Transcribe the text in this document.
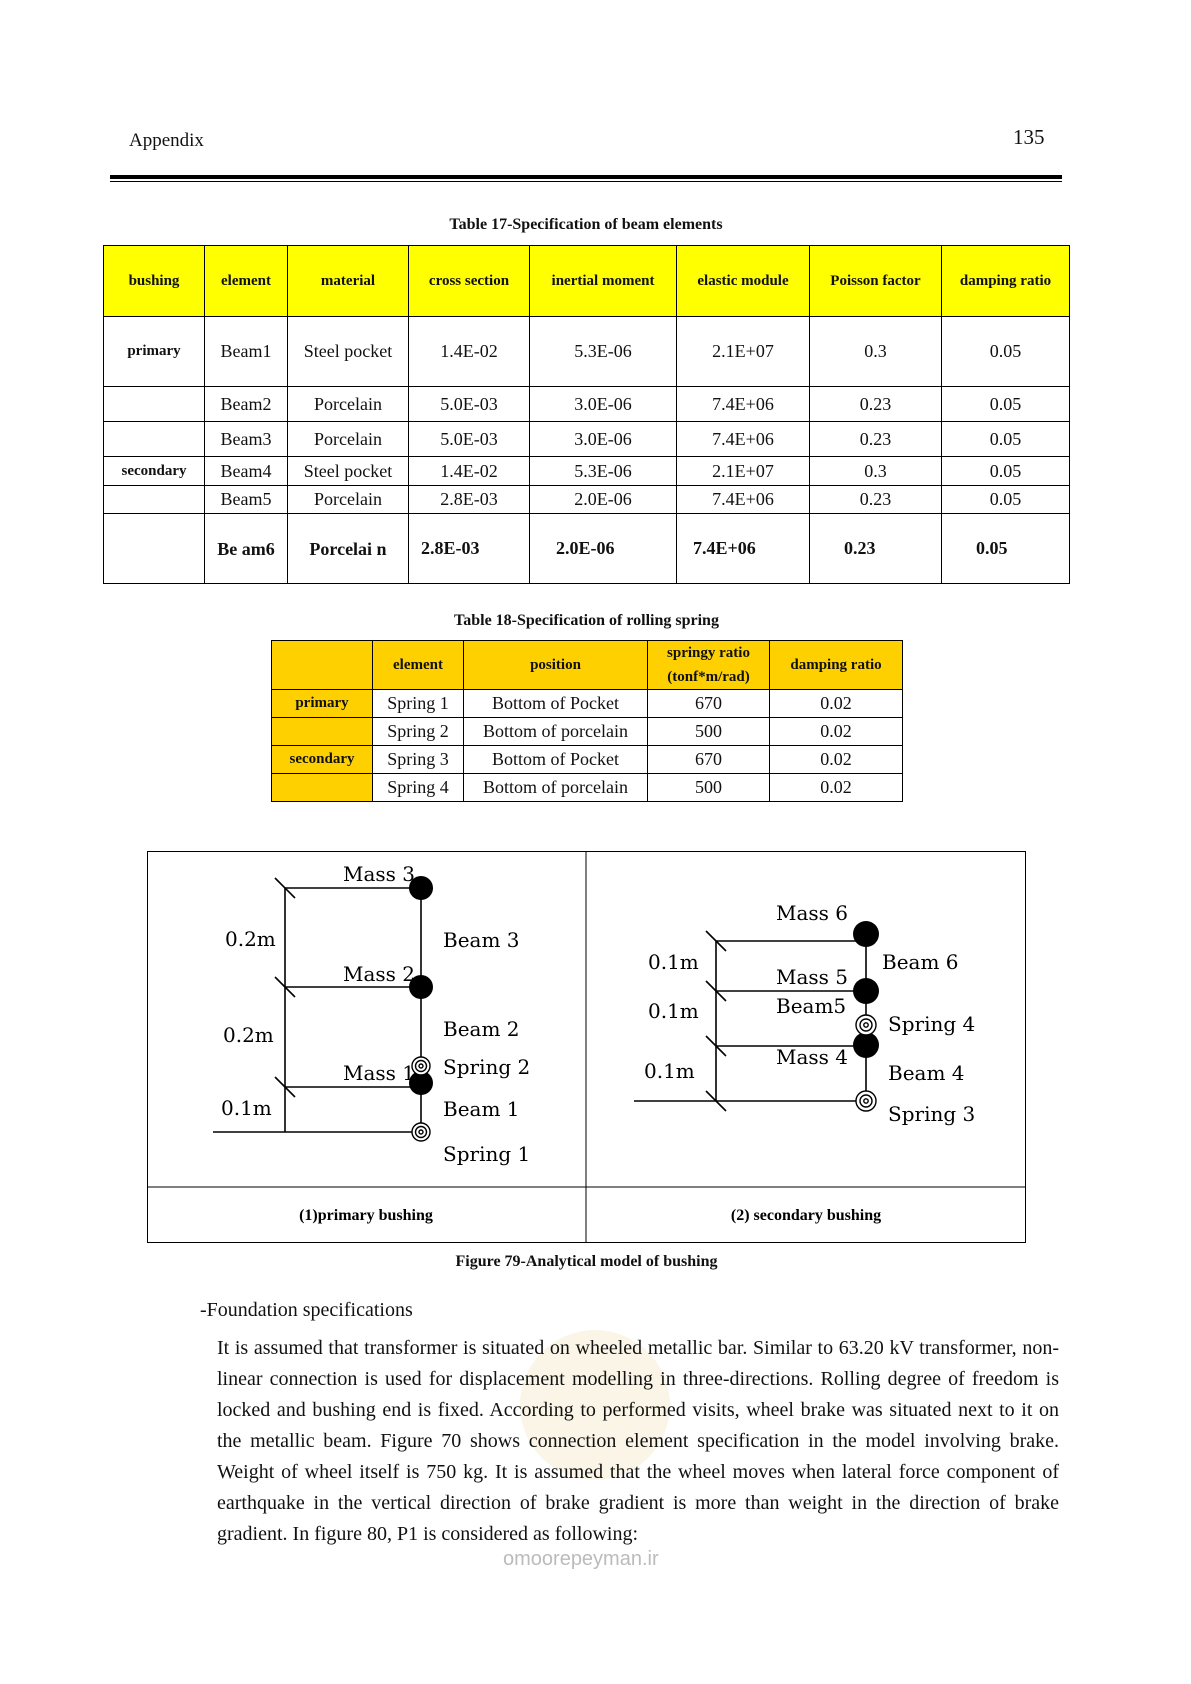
Appendix	135
Table 17-Specification of beam elements
bushing	element	material	cross section	inertial moment	elastic module	Poisson factor	damping ratio
primary	Beam1	Steel pocket	1.4E-02	5.3E-06	2.1E+07	0.3	0.05
	Beam2	Porcelain	5.0E-03	3.0E-06	7.4E+06	0.23	0.05
	Beam3	Porcelain	5.0E-03	3.0E-06	7.4E+06	0.23	0.05
secondary	Beam4	Steel pocket	1.4E-02	5.3E-06	2.1E+07	0.3	0.05
	Beam5	Porcelain	2.8E-03	2.0E-06	7.4E+06	0.23	0.05
	Be am6	Porcelai n	2.8E-03	2.0E-06	7.4E+06	0.23	0.05
Table 18-Specification of rolling spring
	element	position	springy ratio (tonf*m/rad)	damping ratio
primary	Spring 1	Bottom of Pocket	670	0.02
	Spring 2	Bottom of porcelain	500	0.02
secondary	Spring 3	Bottom of Pocket	670	0.02
	Spring 4	Bottom of porcelain	500	0.02
Mass 3
Mass 2
Mass 1
Beam 3
Beam 2
Spring 2
Beam 1
Spring 1
0.2m
0.2m
0.1m
Mass 6
Mass 5
Beam5
Mass 4
Beam 6
Spring 4
Beam 4
Spring 3
0.1m
0.1m
0.1m
(1)primary bushing	(2) secondary bushing
Figure 79-Analytical model of bushing
-Foundation specifications
It is assumed that transformer is situated on wheeled metallic bar. Similar to 63.20 kV transformer, non-linear connection is used for displacement modelling in three-directions. Rolling degree of freedom is locked and bushing end is fixed. According to performed visits, wheel brake was situated next to it on the metallic beam. Figure 70 shows connection element specification in the model involving brake. Weight of wheel itself is 750 kg. It is assumed that the wheel moves when lateral force component of earthquake in the vertical direction of brake gradient is more than weight in the direction of brake gradient. In figure 80, P1 is considered as following:
omoorepeyman.ir
